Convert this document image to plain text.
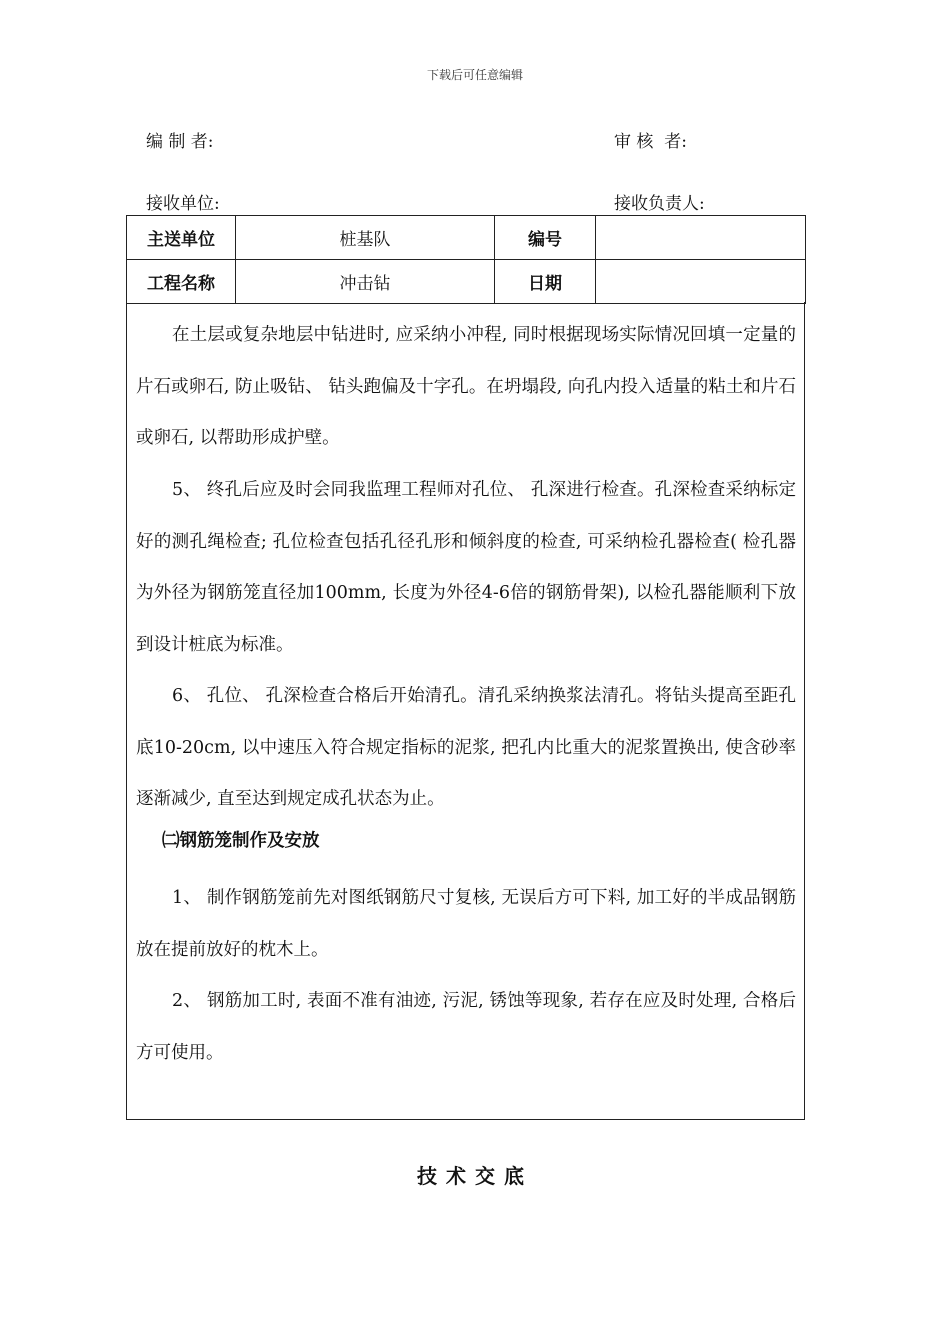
下载后可任意编辑
编 制 者:	审 核  者:
接收单位:	接收负责人:
主送单位	桩基队	编号	
工程名称	冲击钻	日期	

在土层或复杂地层中钻进时, 应采纳小冲程, 同时根据现场实际情况回填一定量的片石或卵石, 防止吸钻、 钻头跑偏及十字孔。在坍塌段, 向孔内投入适量的粘土和片石或卵石, 以帮助形成护壁。

5、 终孔后应及时会同我监理工程师对孔位、 孔深进行检查。孔深检查采纳标定好的测孔绳检查; 孔位检查包括孔径孔形和倾斜度的检查, 可采纳检孔器检查( 检孔器为外径为钢筋笼直径加100mm, 长度为外径4-6倍的钢筋骨架), 以检孔器能顺利下放到设计桩底为标准。

6、 孔位、 孔深检查合格后开始清孔。清孔采纳换浆法清孔。将钻头提高至距孔底10-20cm, 以中速压入符合规定指标的泥浆, 把孔内比重大的泥浆置换出, 使含砂率逐渐减少, 直至达到规定成孔状态为止。

㈡钢筋笼制作及安放

1、 制作钢筋笼前先对图纸钢筋尺寸复核, 无误后方可下料, 加工好的半成品钢筋放在提前放好的枕木上。

2、 钢筋加工时, 表面不准有油迹, 污泥, 锈蚀等现象, 若存在应及时处理, 合格后方可使用。

技术交底
